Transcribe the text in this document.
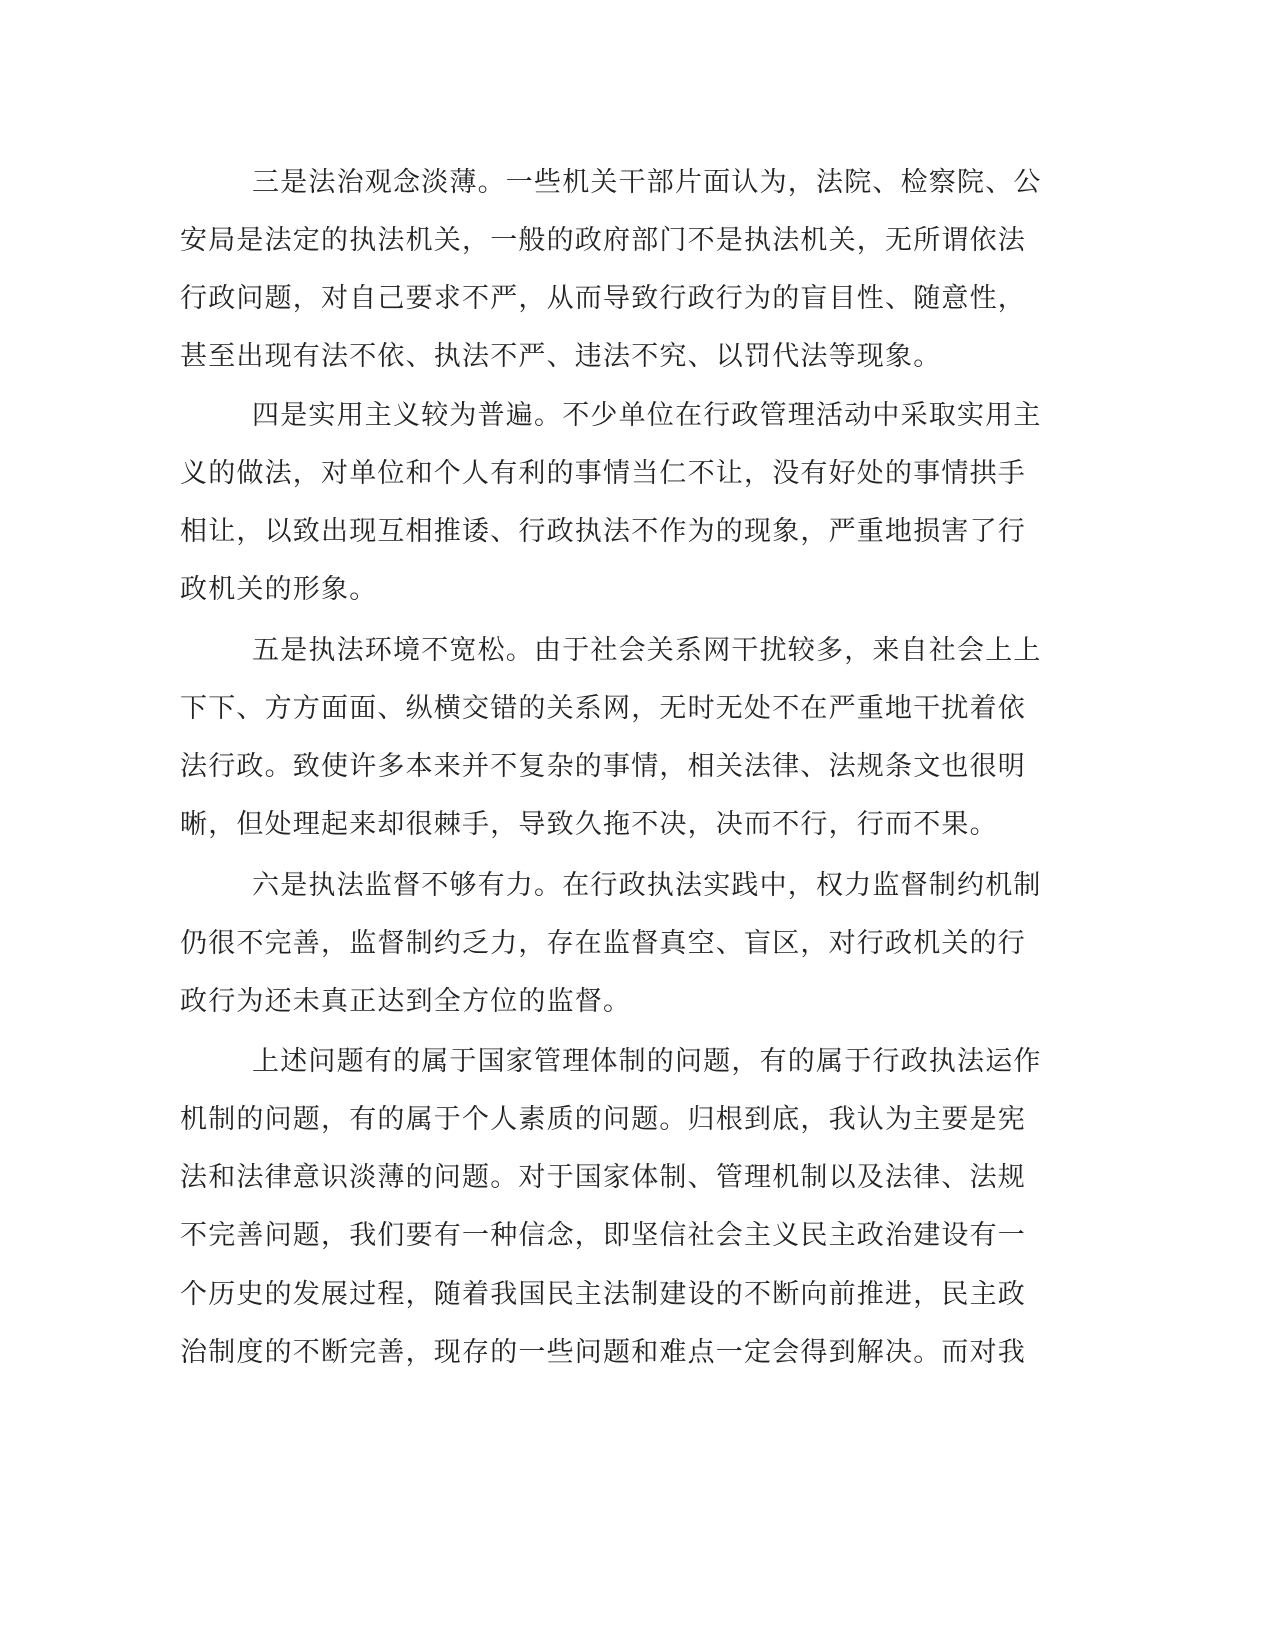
三是法治观念淡薄。一些机关干部片面认为，法院、检察院、公
安局是法定的执法机关，一般的政府部门不是执法机关，无所谓依法
行政问题，对自己要求不严，从而导致行政行为的盲目性、随意性，
甚至出现有法不依、执法不严、违法不究、以罚代法等现象。
四是实用主义较为普遍。不少单位在行政管理活动中采取实用主
义的做法，对单位和个人有利的事情当仁不让，没有好处的事情拱手
相让，以致出现互相推诿、行政执法不作为的现象，严重地损害了行
政机关的形象。
五是执法环境不宽松。由于社会关系网干扰较多，来自社会上上
下下、方方面面、纵横交错的关系网，无时无处不在严重地干扰着依
法行政。致使许多本来并不复杂的事情，相关法律、法规条文也很明
晰，但处理起来却很棘手，导致久拖不决，决而不行，行而不果。
六是执法监督不够有力。在行政执法实践中，权力监督制约机制
仍很不完善，监督制约乏力，存在监督真空、盲区，对行政机关的行
政行为还未真正达到全方位的监督。
上述问题有的属于国家管理体制的问题，有的属于行政执法运作
机制的问题，有的属于个人素质的问题。归根到底，我认为主要是宪
法和法律意识淡薄的问题。对于国家体制、管理机制以及法律、法规
不完善问题，我们要有一种信念，即坚信社会主义民主政治建设有一
个历史的发展过程，随着我国民主法制建设的不断向前推进，民主政
治制度的不断完善，现存的一些问题和难点一定会得到解决。而对我
